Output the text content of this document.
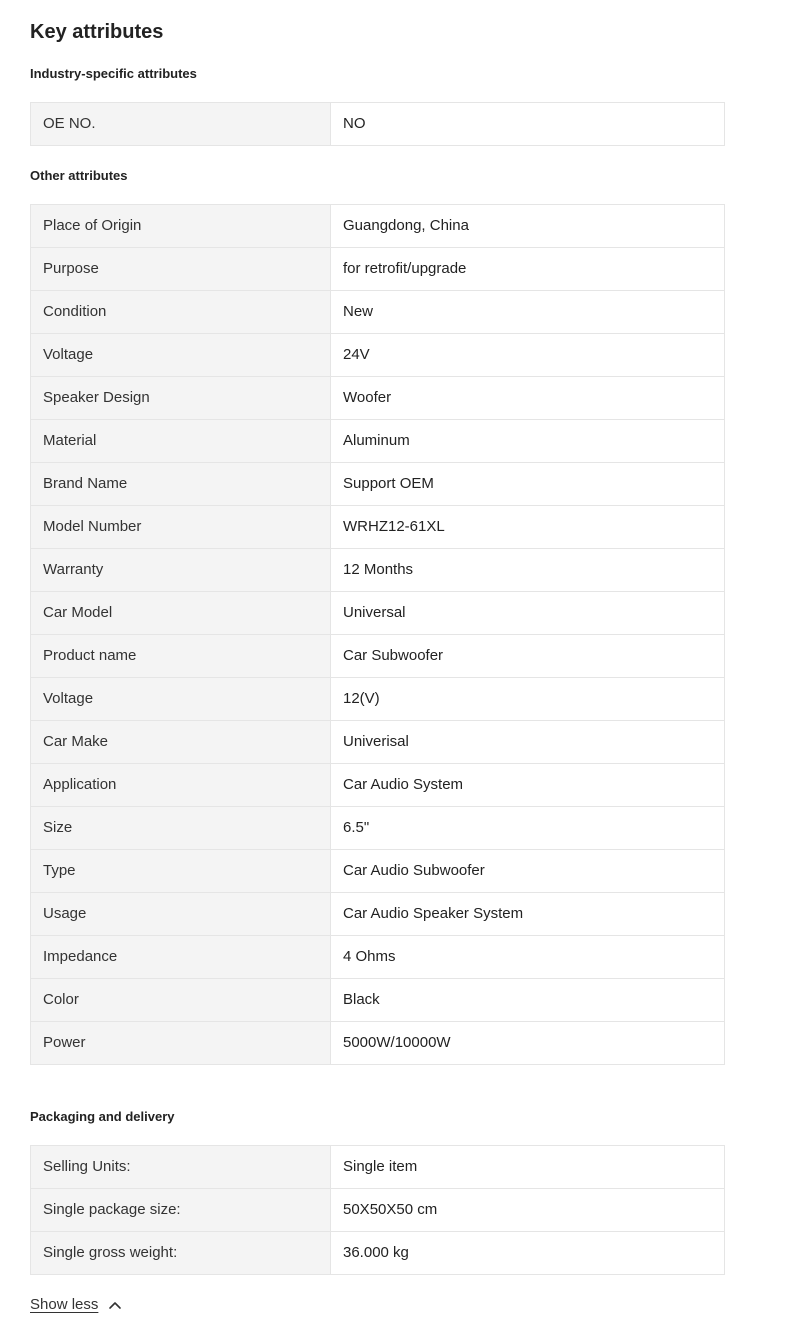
Key attributes
Industry-specific attributes
OE NO.	NO
Other attributes
Place of Origin	Guangdong, China
Purpose	for retrofit/upgrade
Condition	New
Voltage	24V
Speaker Design	Woofer
Material	Aluminum
Brand Name	Support OEM
Model Number	WRHZ12-61XL
Warranty	12 Months
Car Model	Universal
Product name	Car Subwoofer
Voltage	12(V)
Car Make	Univerisal
Application	Car Audio System
Size	6.5"
Type	Car Audio Subwoofer
Usage	Car Audio Speaker System
Impedance	4 Ohms
Color	Black
Power	5000W/10000W
Packaging and delivery
Selling Units:	Single item
Single package size:	50X50X50 cm
Single gross weight:	36.000 kg
Show less
